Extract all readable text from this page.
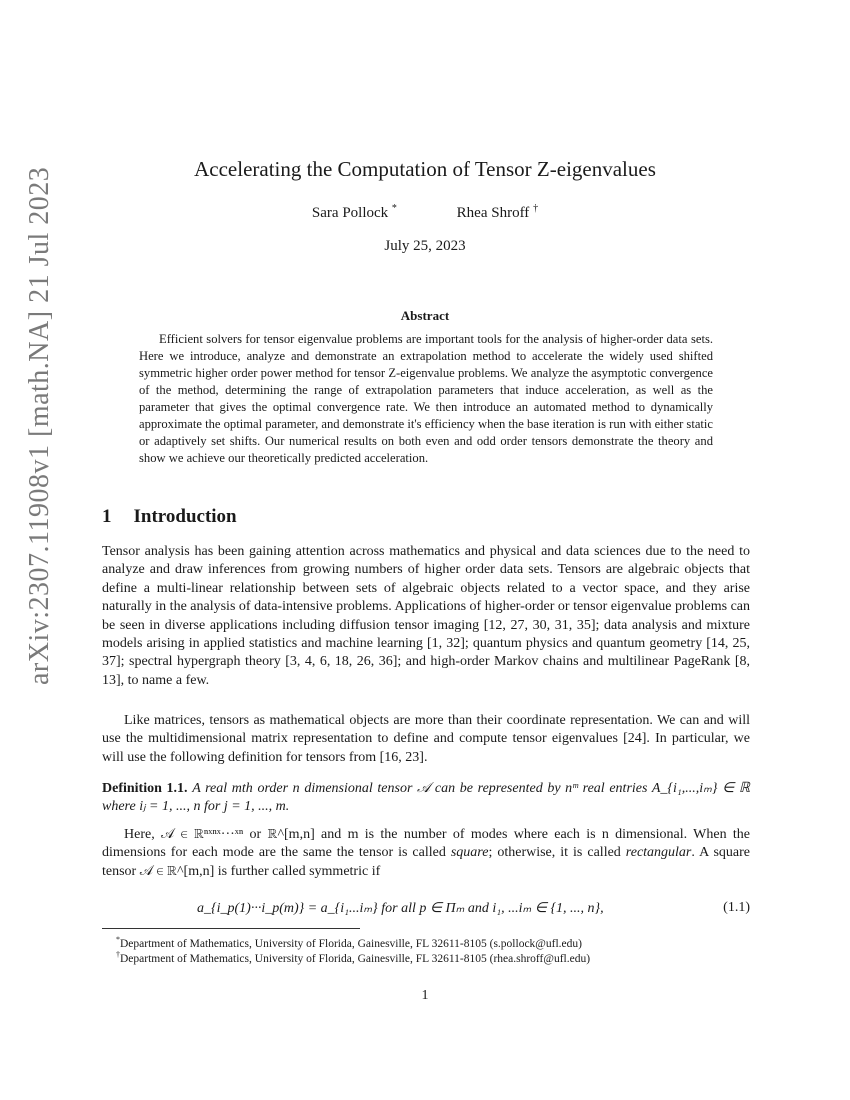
arXiv:2307.11908v1 [math.NA] 21 Jul 2023	Accelerating the Computation of Tensor Z-eigenvalues
Sara Pollock *	Rhea Shroff †
July 25, 2023
Abstract
Efficient solvers for tensor eigenvalue problems are important tools for the analysis of higher-order data sets. Here we introduce, analyze and demonstrate an extrapolation method to accelerate the widely used shifted symmetric higher order power method for tensor Z-eigenvalue problems. We analyze the asymptotic convergence of the method, determining the range of extrapolation parameters that induce acceleration, as well as the parameter that gives the optimal convergence rate. We then introduce an automated method to dynamically approximate the optimal parameter, and demonstrate it's efficiency when the base iteration is run with either static or adaptively set shifts. Our numerical results on both even and odd order tensors demonstrate the theory and show we achieve our theoretically predicted acceleration.
1 Introduction
Tensor analysis has been gaining attention across mathematics and physical and data sciences due to the need to analyze and draw inferences from growing numbers of higher order data sets. Tensors are algebraic objects that define a multi-linear relationship between sets of algebraic objects related to a vector space, and they arise naturally in the analysis of data-intensive problems. Applications of higher-order or tensor eigenvalue problems can be seen in diverse applications including diffusion tensor imaging [12, 27, 30, 31, 35]; data analysis and mixture models arising in applied statistics and machine learning [1, 32]; quantum physics and quantum geometry [14, 25, 37]; spectral hypergraph theory [3, 4, 6, 18, 26, 36]; and high-order Markov chains and multilinear PageRank [8, 13], to name a few.
Like matrices, tensors as mathematical objects are more than their coordinate representation. We can and will use the multidimensional matrix representation to define and compute tensor eigenvalues [24]. In particular, we will use the following definition for tensors from [16, 23].
Definition 1.1. A real mth order n dimensional tensor 𝒜 can be represented by nᵐ real entries A_{i₁,...,iₘ} ∈ ℝ where iⱼ = 1, ..., n for j = 1, ..., m.
Here, 𝒜 ∈ ℝⁿˣⁿˣ···ˣⁿ or ℝ^[m,n] and m is the number of modes where each is n dimensional. When the dimensions for each mode are the same the tensor is called square; otherwise, it is called rectangular. A square tensor 𝒜 ∈ ℝ^[m,n] is further called symmetric if
a_{i_p(1)···i_p(m)} = a_{i₁...iₘ} for all p ∈ Πₘ and i₁, ...iₘ ∈ {1, ..., n},	(1.1)
*Department of Mathematics, University of Florida, Gainesville, FL 32611-8105 (s.pollock@ufl.edu)
†Department of Mathematics, University of Florida, Gainesville, FL 32611-8105 (rhea.shroff@ufl.edu)
1
